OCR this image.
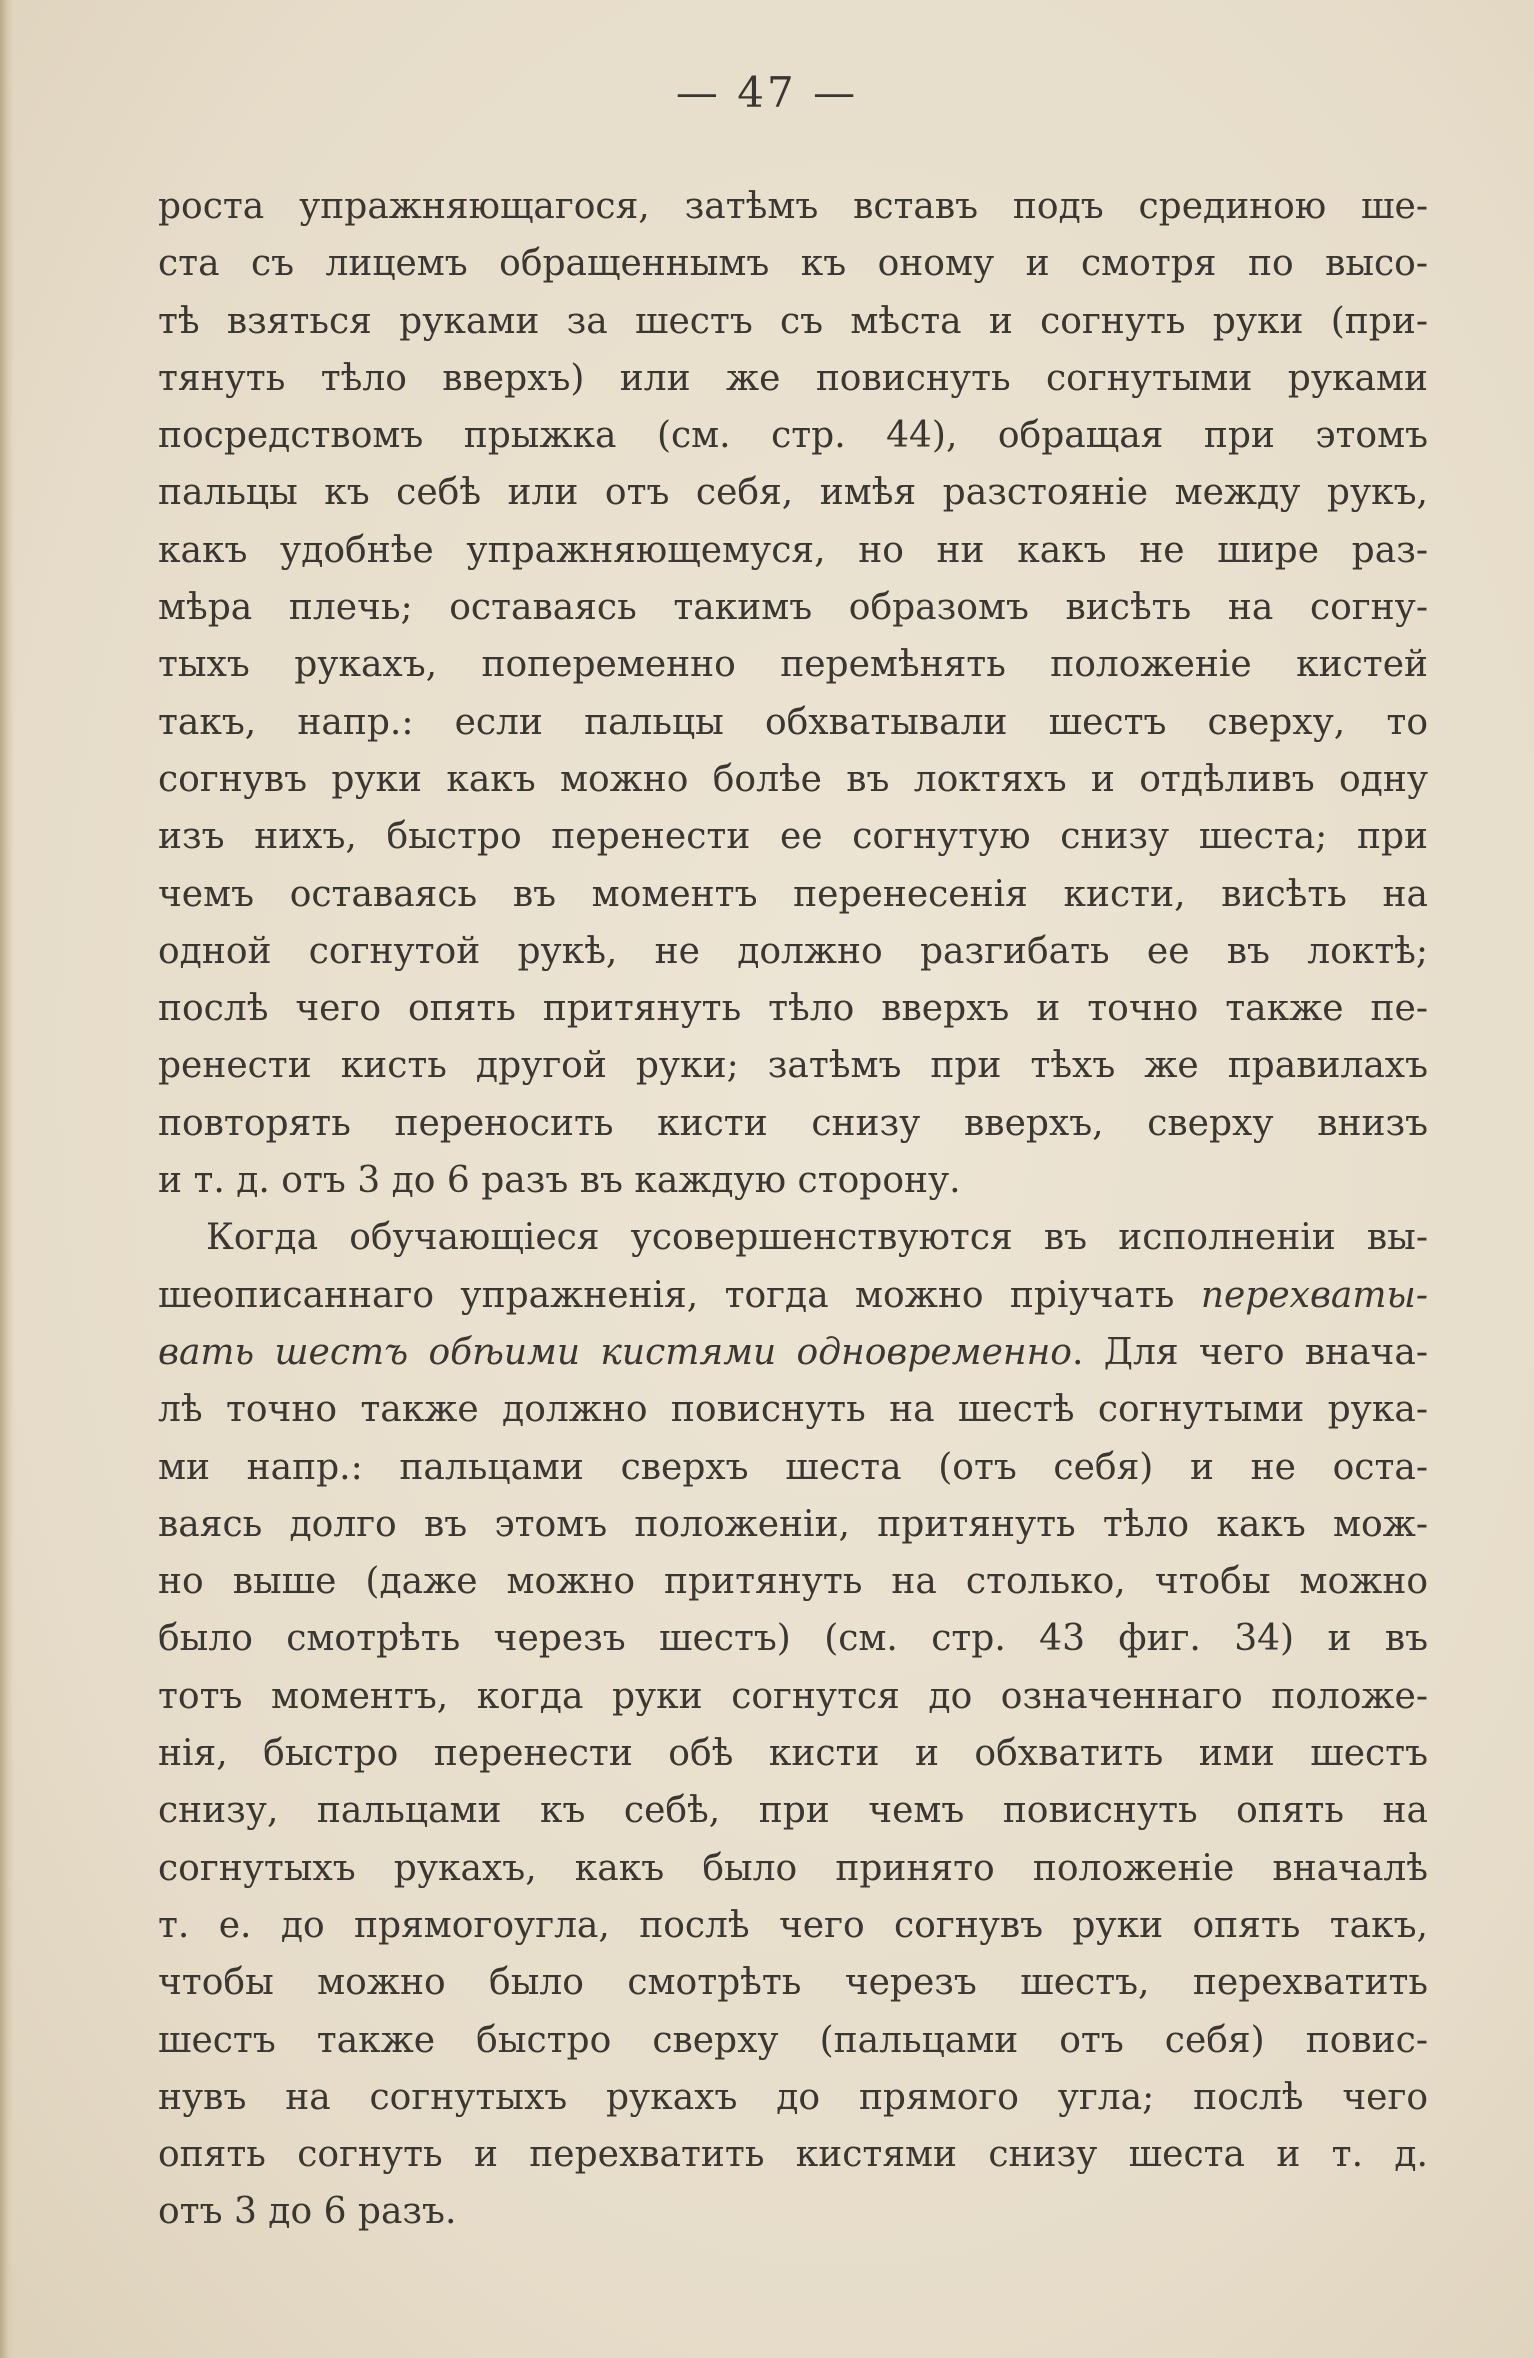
— 47 —
роста упражняющагося, затѣмъ вставъ подъ срединою ше-
ста съ лицемъ обращеннымъ къ оному и смотря по высо-
тѣ взяться руками за шестъ съ мѣста и согнуть руки (при-
тянуть тѣло вверхъ) или же повиснуть согнутыми руками
посредствомъ прыжка (см. стр. 44), обращая при этомъ
пальцы къ себѣ или отъ себя, имѣя разстояніе между рукъ,
какъ удобнѣе упражняющемуся, но ни какъ не шире раз-
мѣра плечь; оставаясь такимъ образомъ висѣть на согну-
тыхъ рукахъ, попеременно перемѣнять положеніе кистей
такъ, напр.: если пальцы обхватывали шестъ сверху, то
согнувъ руки какъ можно болѣе въ локтяхъ и отдѣливъ одну
изъ нихъ, быстро перенести ее согнутую снизу шеста; при
чемъ оставаясь въ моментъ перенесенія кисти, висѣть на
одной согнутой рукѣ, не должно разгибать ее въ локтѣ;
послѣ чего опять притянуть тѣло вверхъ и точно также пе-
ренести кисть другой руки; затѣмъ при тѣхъ же правилахъ
повторять переносить кисти снизу вверхъ, сверху внизъ
и т. д. отъ 3 до 6 разъ въ каждую сторону.
Когда обучающіеся усовершенствуются въ исполненіи вы-
шеописаннаго упражненія, тогда можно пріучать перехваты-
вать шестъ обѣими кистями одновременно. Для чего внача-
лѣ точно также должно повиснуть на шестѣ согнутыми рука-
ми напр.: пальцами сверхъ шеста (отъ себя) и не оста-
ваясь долго въ этомъ положеніи, притянуть тѣло какъ мож-
но выше (даже можно притянуть на столько, чтобы можно
было смотрѣть черезъ шестъ) (см. стр. 43 фиг. 34) и въ
тотъ моментъ, когда руки согнутся до означеннаго положе-
нія, быстро перенести обѣ кисти и обхватить ими шестъ
снизу, пальцами къ себѣ, при чемъ повиснуть опять на
согнутыхъ рукахъ, какъ было принято положеніе вначалѣ
т. е. до прямогоугла, послѣ чего согнувъ руки опять такъ,
чтобы можно было смотрѣть черезъ шестъ, перехватить
шестъ также быстро сверху (пальцами отъ себя) повис-
нувъ на согнутыхъ рукахъ до прямого угла; послѣ чего
опять согнуть и перехватить кистями снизу шеста и т. д.
отъ 3 до 6 разъ.
